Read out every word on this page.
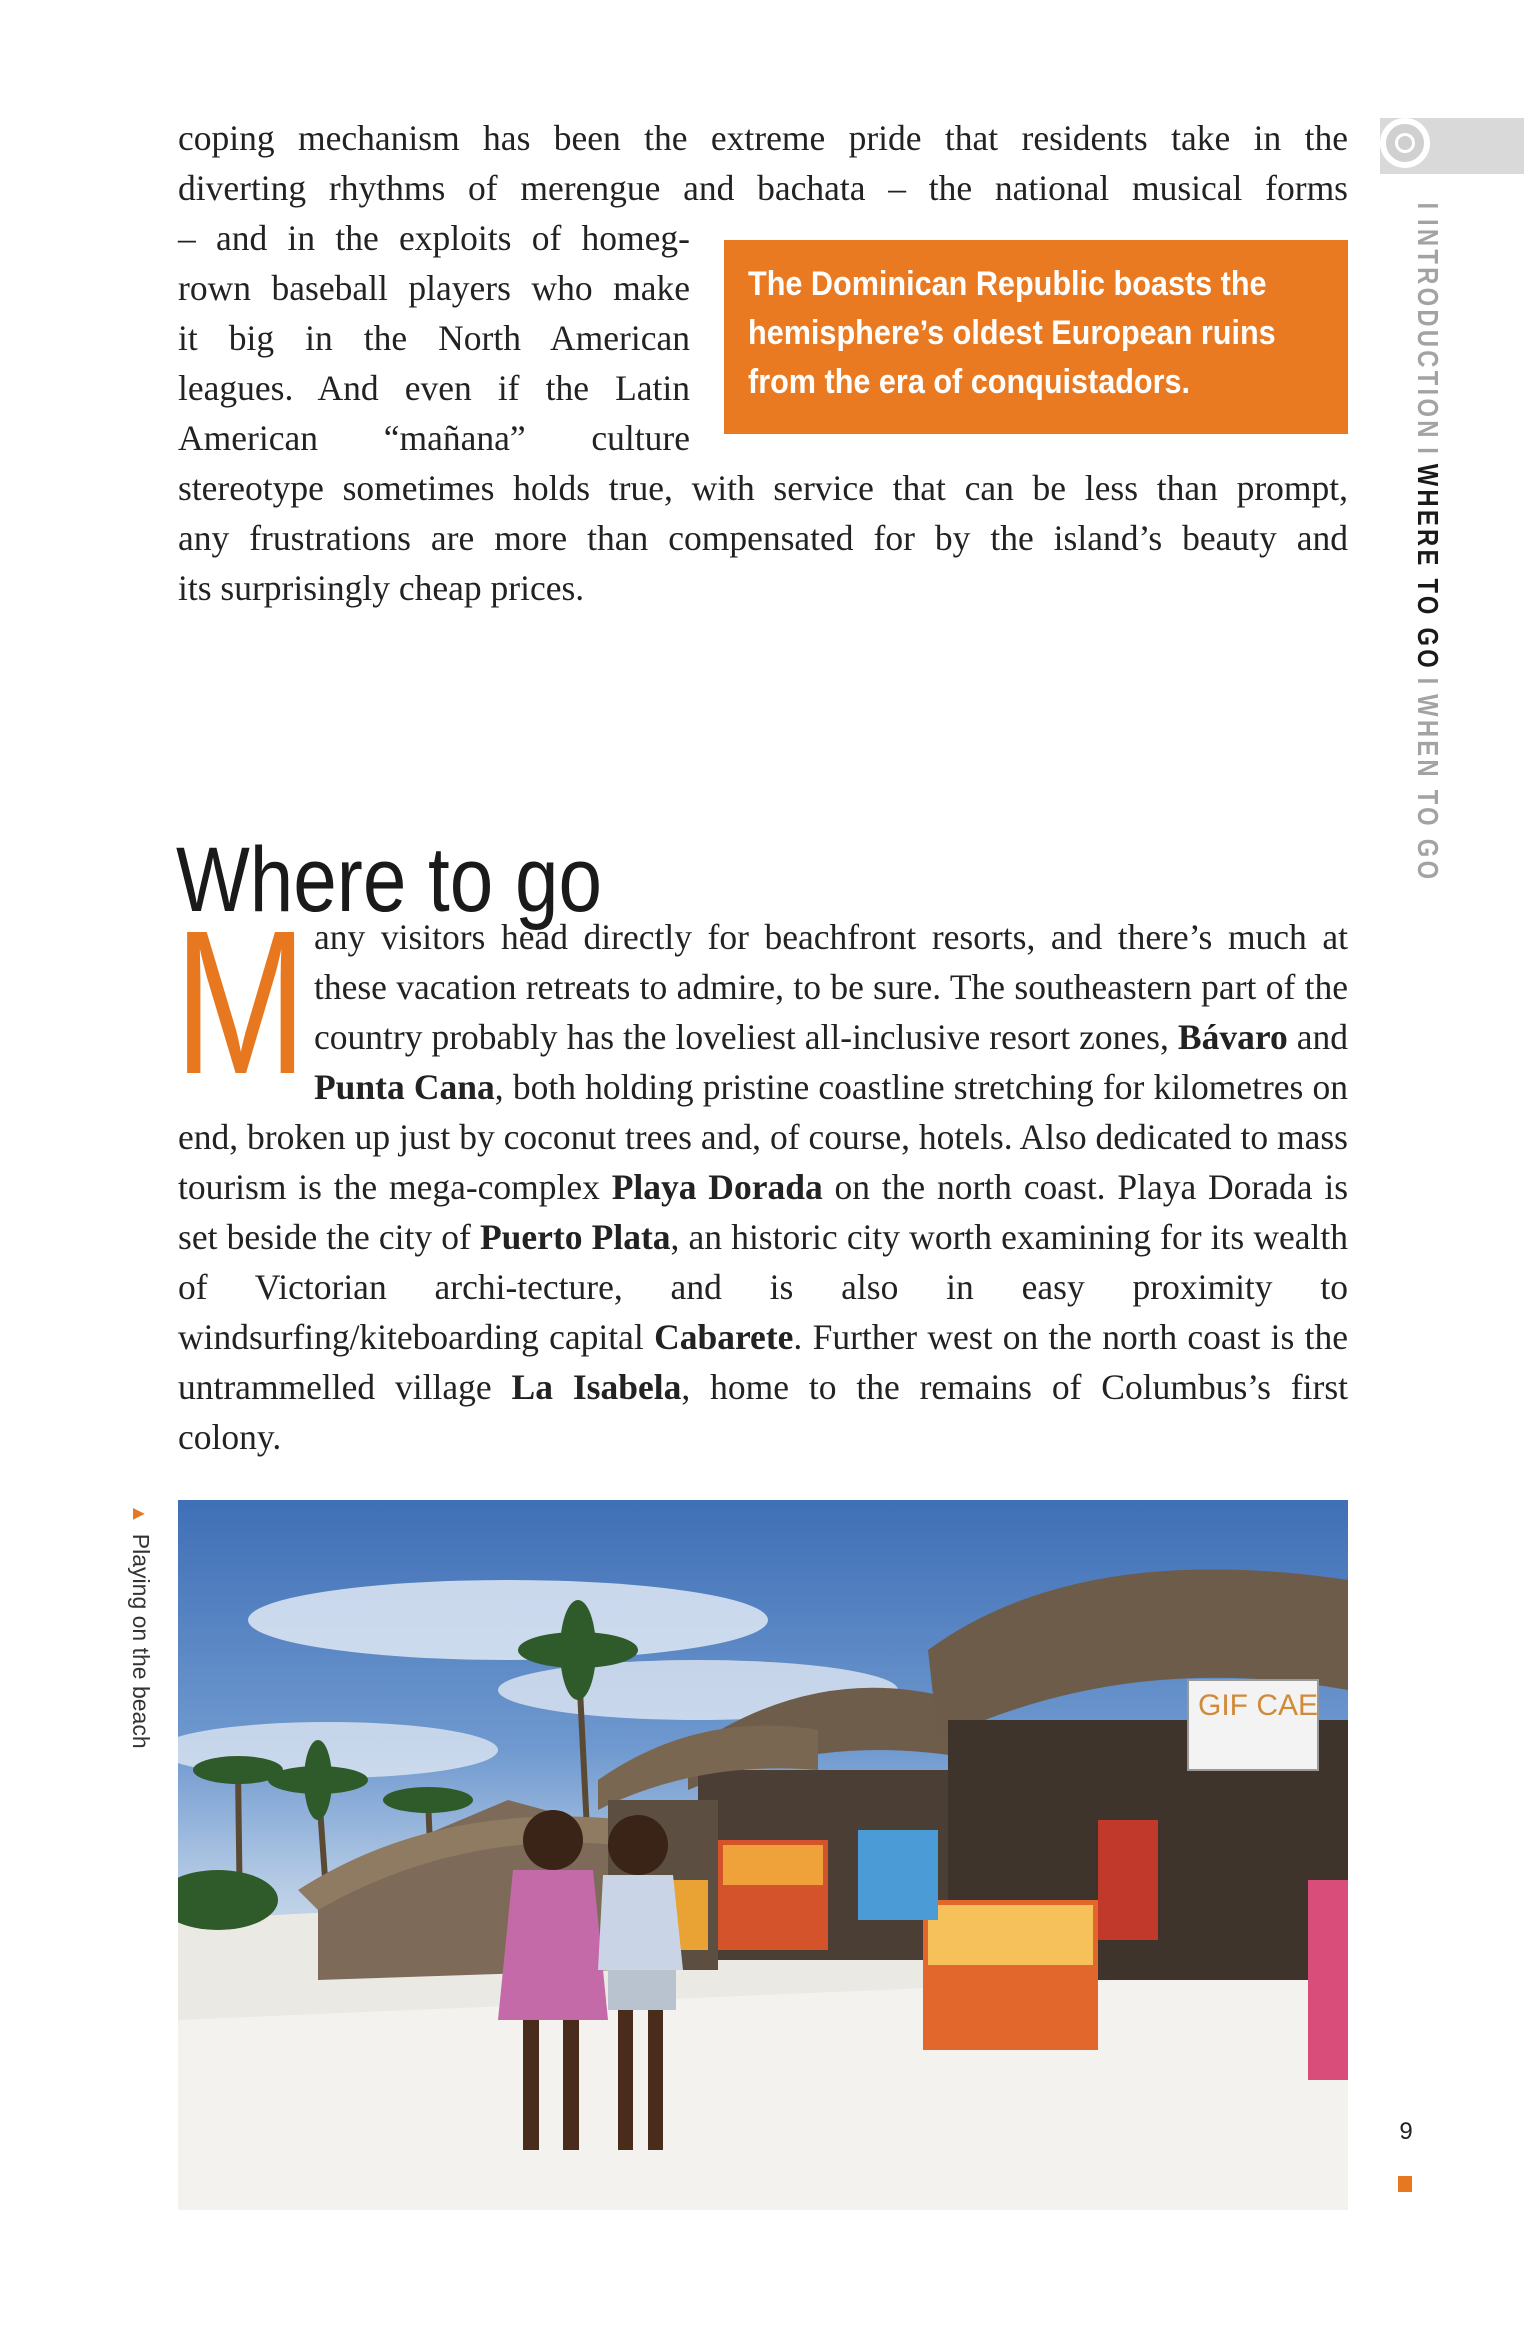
coping mechanism has been the extreme pride that residents take in the
diverting rhythms of merengue and bachata – the national musical forms
– and in the exploits of homeg-
rown baseball players who make
it big in the North American
leagues. And even if the Latin
American “mañana” culture
stereotype sometimes holds true, with service that can be less than prompt,
any frustrations are more than compensated for by the island’s beauty and
its surprisingly cheap prices.
The Dominican Republic boasts the
hemisphere’s oldest European ruins
from the era of conquistadors.
Where to go

Many visitors head directly for beachfront resorts, and there’s much at these vacation retreats to admire, to be sure. The southeastern part of the country probably has the loveliest all-inclusive resort zones, Bávaro and Punta Cana, both holding pristine coastline stretching for kilometres on end, broken up just by coconut trees and, of course, hotels. Also dedicated to mass tourism is the mega-complex Playa Dorada on the north coast. Playa Dorada is set beside the city of Puerto Plata, an historic city worth examining for its wealth of Victorian archi-tecture, and is also in easy proximity to windsurfing/kiteboarding capital Cabarete. Further west on the north coast is the untrammelled village La Isabela, home to the remains of Columbus’s first colony.

GIF CAE
▲Playing on the beach
IINTRODUCTIONIWHERE TO GOIWHEN TO GO
9
